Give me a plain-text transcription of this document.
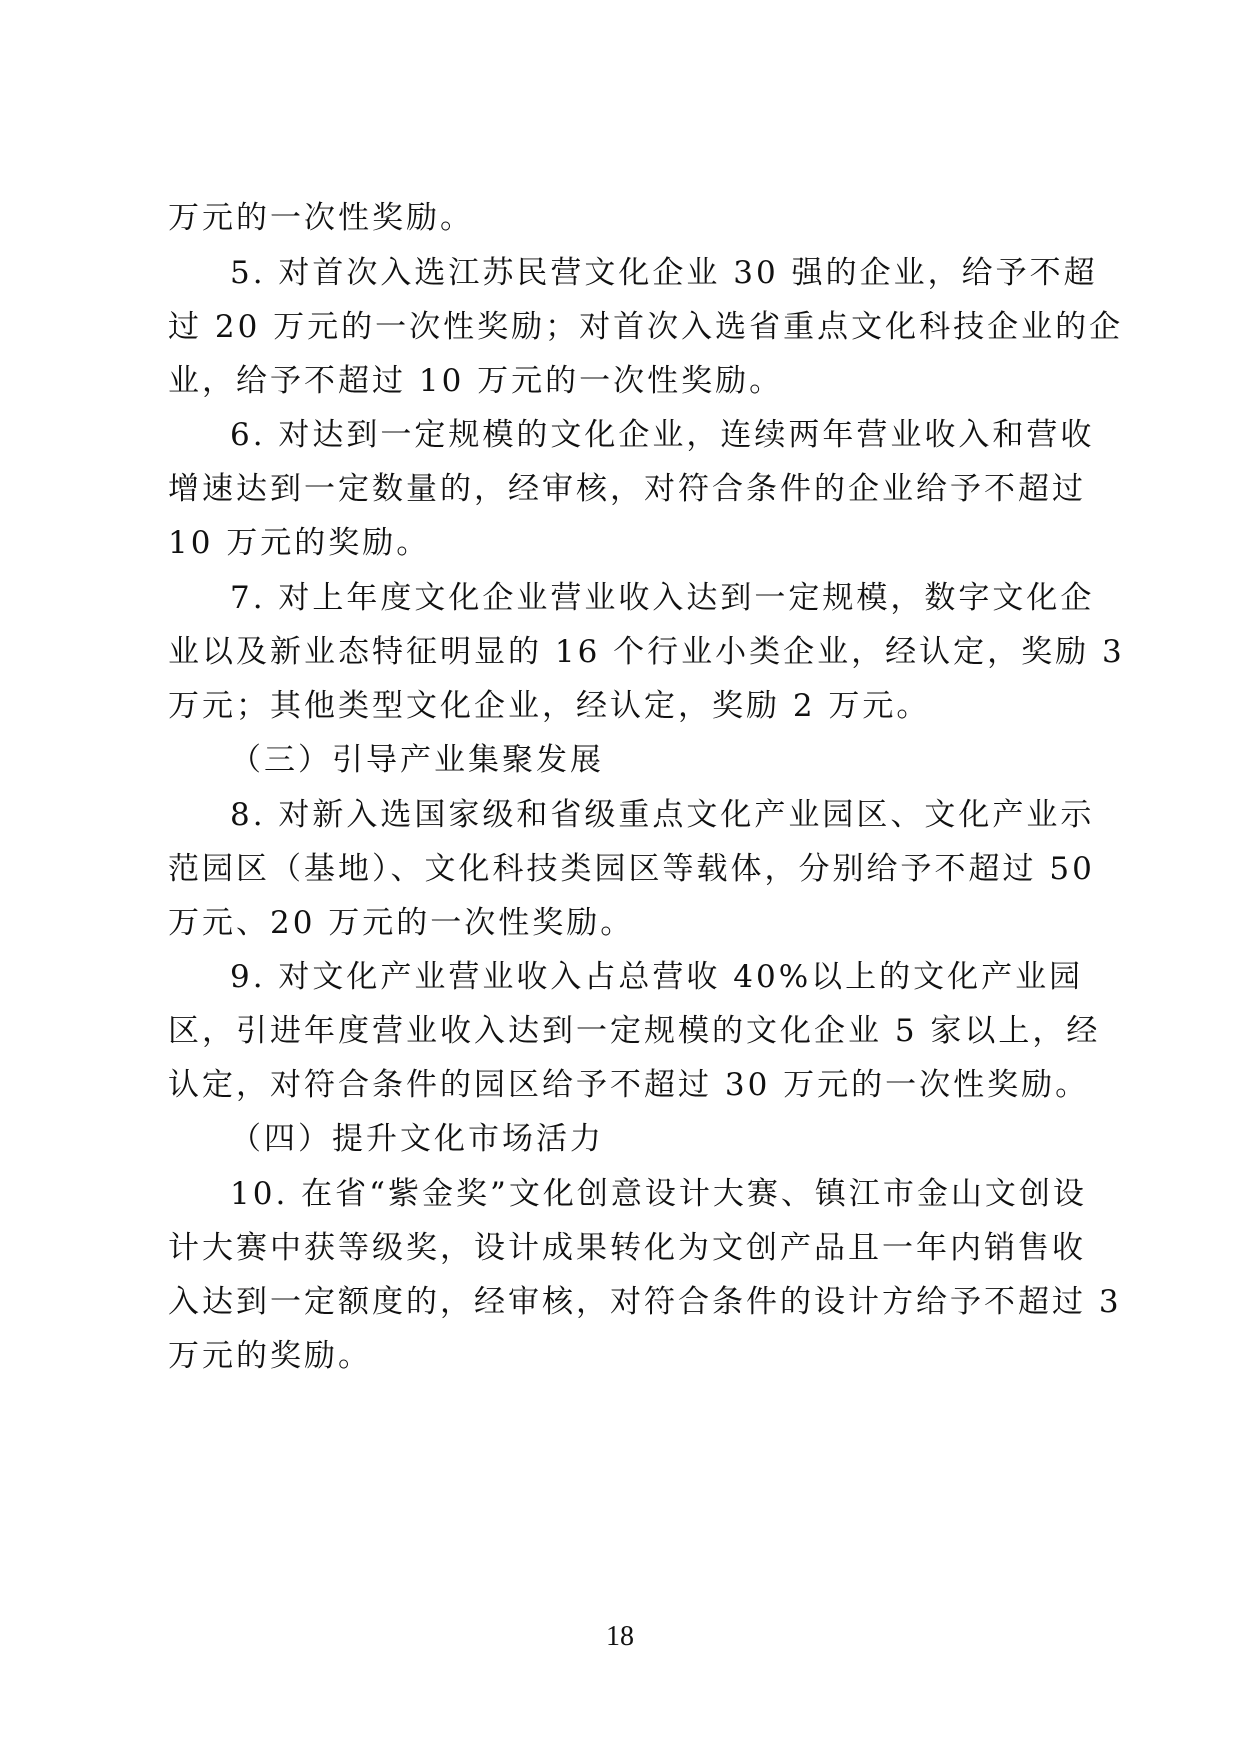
万元的一次性奖励。

5. 对首次入选江苏民营文化企业 30 强的企业，给予不超

过 20 万元的一次性奖励；对首次入选省重点文化科技企业的企

业，给予不超过 10 万元的一次性奖励。

6. 对达到一定规模的文化企业，连续两年营业收入和营收

增速达到一定数量的，经审核，对符合条件的企业给予不超过

10 万元的奖励。

7. 对上年度文化企业营业收入达到一定规模，数字文化企

业以及新业态特征明显的 16 个行业小类企业，经认定，奖励 3

万元；其他类型文化企业，经认定，奖励 2 万元。

（三）引导产业集聚发展

8. 对新入选国家级和省级重点文化产业园区、文化产业示

范园区（基地）、文化科技类园区等载体，分别给予不超过 50

万元、20 万元的一次性奖励。

9. 对文化产业营业收入占总营收 40%以上的文化产业园

区，引进年度营业收入达到一定规模的文化企业 5 家以上，经

认定，对符合条件的园区给予不超过 30 万元的一次性奖励。

（四）提升文化市场活力

10. 在省“紫金奖”文化创意设计大赛、镇江市金山文创设

计大赛中获等级奖，设计成果转化为文创产品且一年内销售收

入达到一定额度的，经审核，对符合条件的设计方给予不超过 3

万元的奖励。

18
